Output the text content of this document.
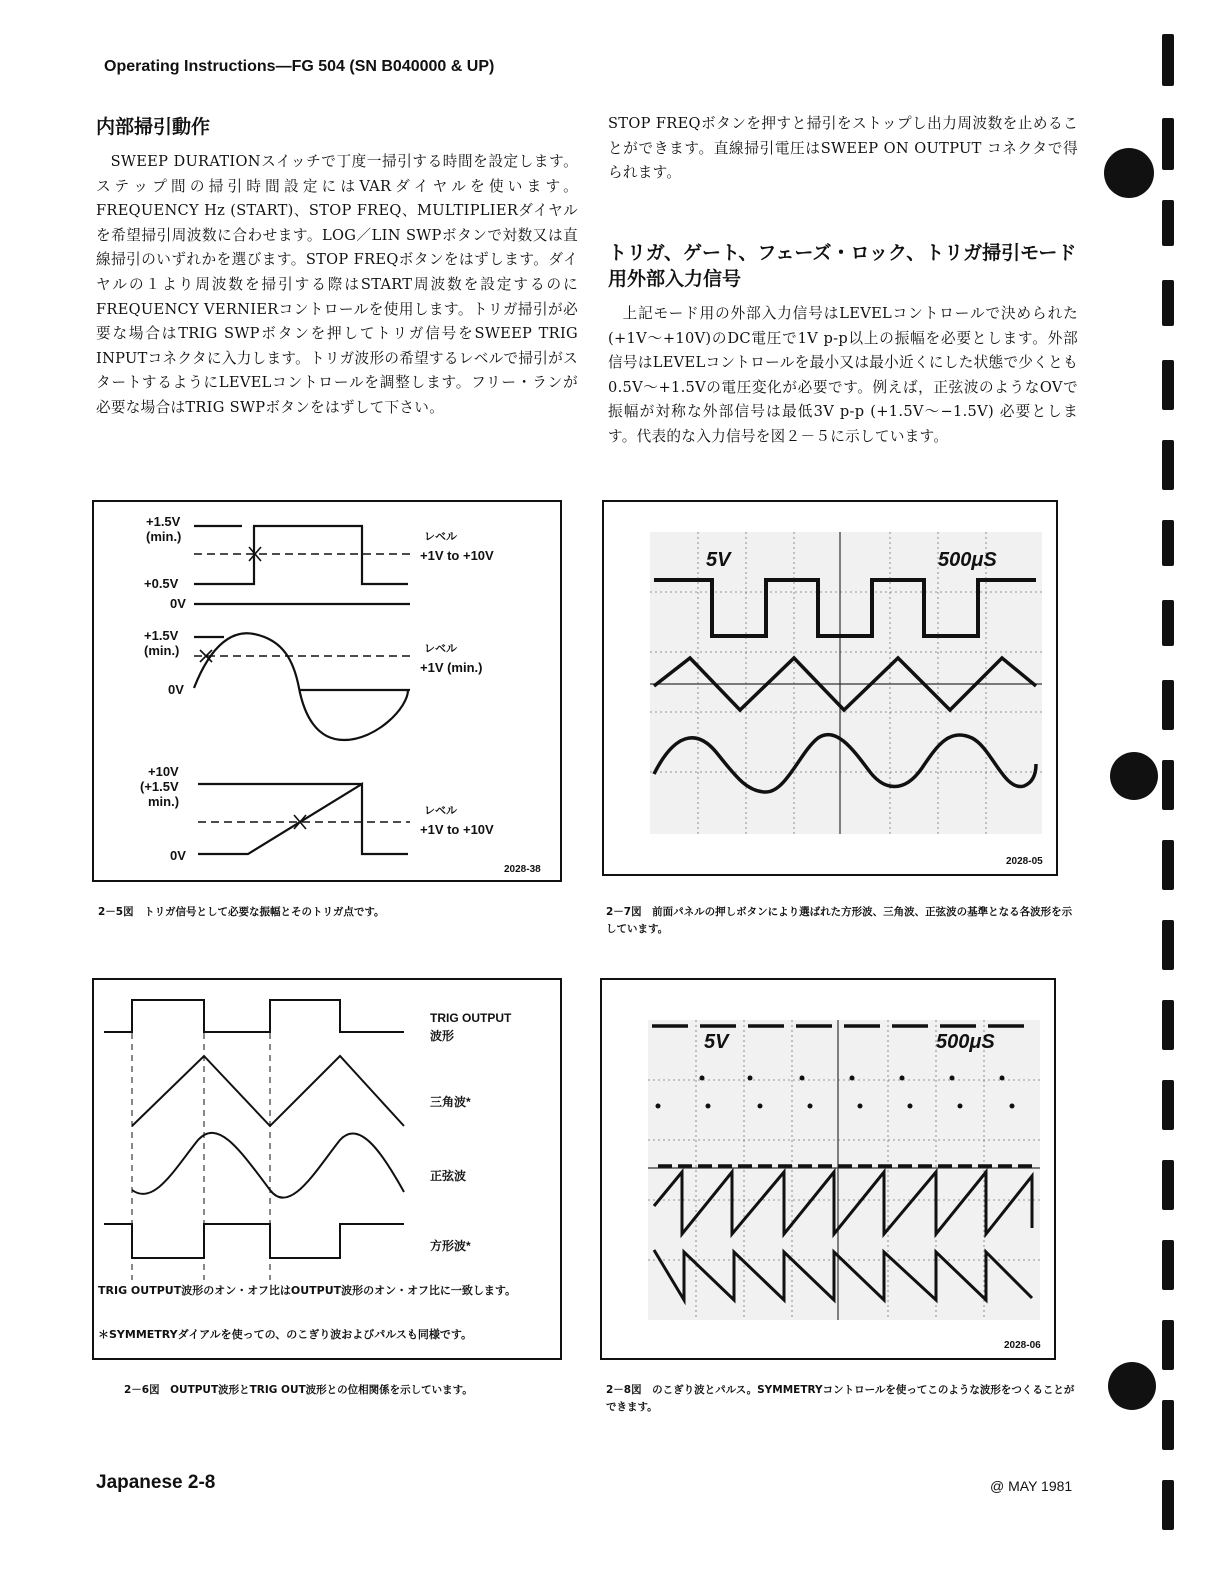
Operating Instructions—FG 504 (SN B040000 & UP)
内部掃引動作
SWEEP DURATIONスイッチで丁度一掃引する時間を設定します。ステップ間の掃引時間設定にはVARダイヤルを使います。FREQUENCY Hz (START)、STOP FREQ、MULTIPLIERダイヤルを希望掃引周波数に合わせます。LOG／LIN SWPボタンで対数又は直線掃引のいずれかを選びます。STOP FREQボタンをはずします。ダイヤルの１より周波数を掃引する際はSTART周波数を設定するのにFREQUENCY VERNIERコントロールを使用します。トリガ掃引が必要な場合はTRIG SWPボタンを押してトリガ信号をSWEEP TRIG INPUTコネクタに入力します。トリガ波形の希望するレベルで掃引がスタートするようにLEVELコントロールを調整します。フリー・ランが必要な場合はTRIG SWPボタンをはずして下さい。
STOP FREQボタンを押すと掃引をストップし出力周波数を止めることができます。直線掃引電圧はSWEEP ON OUTPUT コネクタで得られます。
トリガ、ゲート、フェーズ・ロック、トリガ掃引モード用外部入力信号
上記モード用の外部入力信号はLEVELコントロールで決められた(+1V～+10V)のDC電圧で1V p-p以上の振幅を必要とします。外部信号はLEVELコントロールを最小又は最小近くにした状態で少くとも0.5V～+1.5Vの電圧変化が必要です。例えば，正弦波のようなOVで振幅が対称な外部信号は最低3V p-p (+1.5V～−1.5V) 必要とします。代表的な入力信号を図２－５に示しています。
+1.5V
(min.)
+0.5V
0V
+1.5V
(min.)
0V
+10V
(+1.5V
min.)
0V
レベル
+1V to +10V
レベル
+1V (min.)
レベル
+1V to +10V
2028-38
2－5図　トリガ信号として必要な振幅とそのトリガ点です。
5V	500μS
2028-05
2－7図　前面パネルの押しボタンにより選ばれた方形波、三角波、正弦波の基準となる各波形を示しています。
TRIG OUTPUT
波形
三角波*
正弦波
方形波*
TRIG OUTPUT波形のオン・オフ比はOUTPUT波形のオン・オフ比に一致します。
＊SYMMETRYダイアルを使っての、のこぎり波およびパルスも同様です。
2－6図　OUTPUT波形とTRIG OUT波形との位相関係を示しています。
5V	500μS
2028-06
2－8図　のこぎり波とパルス。SYMMETRYコントロールを使ってこのような波形をつくることができます。
Japanese 2-8	@ MAY 1981
